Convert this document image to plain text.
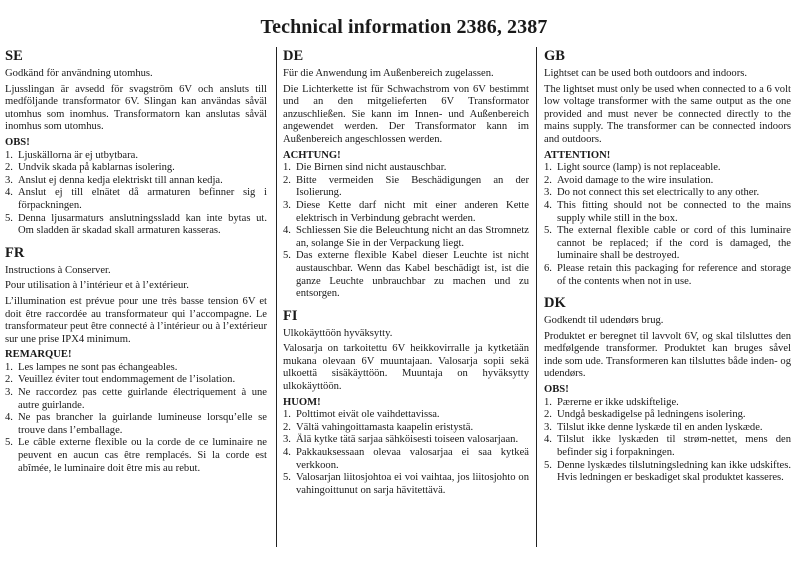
Technical information 2386, 2387
SE
Godkänd för användning utomhus.
Ljusslingan är avsedd för svagström 6V och ansluts till medföljande transformator 6V. Slingan kan användas såväl utomhus som inomhus. Transformatorn kan anslutas såväl inomhus som utomhus.
OBS!
1. Ljuskällorna är ej utbytbara.
2. Undvik skada på kablarnas isolering.
3. Anslut ej denna kedja elektriskt till annan kedja.
4. Anslut ej till elnätet då armaturen befinner sig i förpackningen.
5. Denna ljusarmaturs anslutningssladd kan inte bytas ut. Om sladden är skadad skall armaturen kasseras.
FR
Instructions à Conserver.
Pour utilisation à l’intérieur et à l’extérieur.
L’illumination est prévue pour une très basse tension 6V et doit être raccordée au transformateur qui l’accompagne. Le transformateur peut être connecté à l’intérieur ou à l’extérieur sur une prise IPX4 minimum.
REMARQUE!
1. Les lampes ne sont pas échangeables.
2. Veuillez éviter tout endommagement de l’isolation.
3. Ne raccordez pas cette guirlande électriquement à une autre guirlande.
4. Ne pas brancher la guirlande lumineuse lorsqu’elle se trouve dans l’emballage.
5. Le câble externe flexible ou la corde de ce luminaire ne peuvent en aucun cas être remplacés. Si la corde est abîmée, le luminaire doit être mis au rebut.
DE
Für die Anwendung im Außenbereich zugelassen.
Die Lichterkette ist für Schwachstrom von 6V bestimmt und an den mitgelieferten 6V Transformator anzuschließen. Sie kann im Innen- und Außenbereich angewendet werden. Der Transformator kann im Außenbereich angeschlossen werden.
ACHTUNG!
1. Die Birnen sind nicht austauschbar.
2. Bitte vermeiden Sie Beschädigungen an der Isolierung.
3. Diese Kette darf nicht mit einer anderen Kette elektrisch in Verbindung gebracht werden.
4. Schliessen Sie die Beleuchtung nicht an das Stromnetz an, solange Sie in der Verpackung liegt.
5. Das externe flexible Kabel dieser Leuchte ist nicht austauschbar. Wenn das Kabel beschädigt ist, ist die ganze Leuchte unbrauchbar zu machen und zu entsorgen.
FI
Ulkokäyttöön hyväksytty.
Valosarja on tarkoitettu 6V heikkovirralle ja kytketään mukana olevaan 6V muuntajaan. Valosarja sopii sekä ulkoettä sisäkäyttöön. Muuntaja on hyväksytty ulkokäyttöön.
HUOM!
1. Polttimot eivät ole vaihdettavissa.
2. Vältä vahingoittamasta kaapelin eristystä.
3. Älä kytke tätä sarjaa sähköisesti toiseen valosarjaan.
4. Pakkauksessaan olevaa valosarjaa ei saa kytkeä verkkoon.
5. Valosarjan liitosjohtoa ei voi vaihtaa, jos liitosjohto on vahingoittunut on sarja hävitettävä.
GB
Lightset can be used both outdoors and indoors.
The lightset must only be used when connected to a 6 volt low voltage transformer with the same output as the one provided and must never be connected directly to the mains supply. The transformer can be connected indoors and outdoors.
ATTENTION!
1. Light source (lamp) is not replaceable.
2. Avoid damage to the wire insulation.
3. Do not connect this set electrically to any other.
4. This fitting should not be connected to the mains supply while still in the box.
5. The external flexible cable or cord of this luminaire cannot be replaced; if the cord is damaged, the luminaire shall be destroyed.
6. Please retain this packaging for reference and storage of the contents when not in use.
DK
Godkendt til udendørs brug.
Produktet er beregnet til lavvolt 6V, og skal tilsluttes den medfølgende transformer. Produktet kan bruges såvel inde som ude. Transformeren kan tilsluttes både inden- og udendørs.
OBS!
1. Pærerne er ikke udskiftelige.
2. Undgå beskadigelse på ledningens isolering.
3. Tilslut ikke denne lyskæde til en anden lyskæde.
4. Tilslut ikke lyskæden til strøm-nettet, mens den befinder sig i forpakningen.
5. Denne lyskædes tilslutningsledning kan ikke udskiftes. Hvis ledningen er beskadiget skal produktet kasseres.
